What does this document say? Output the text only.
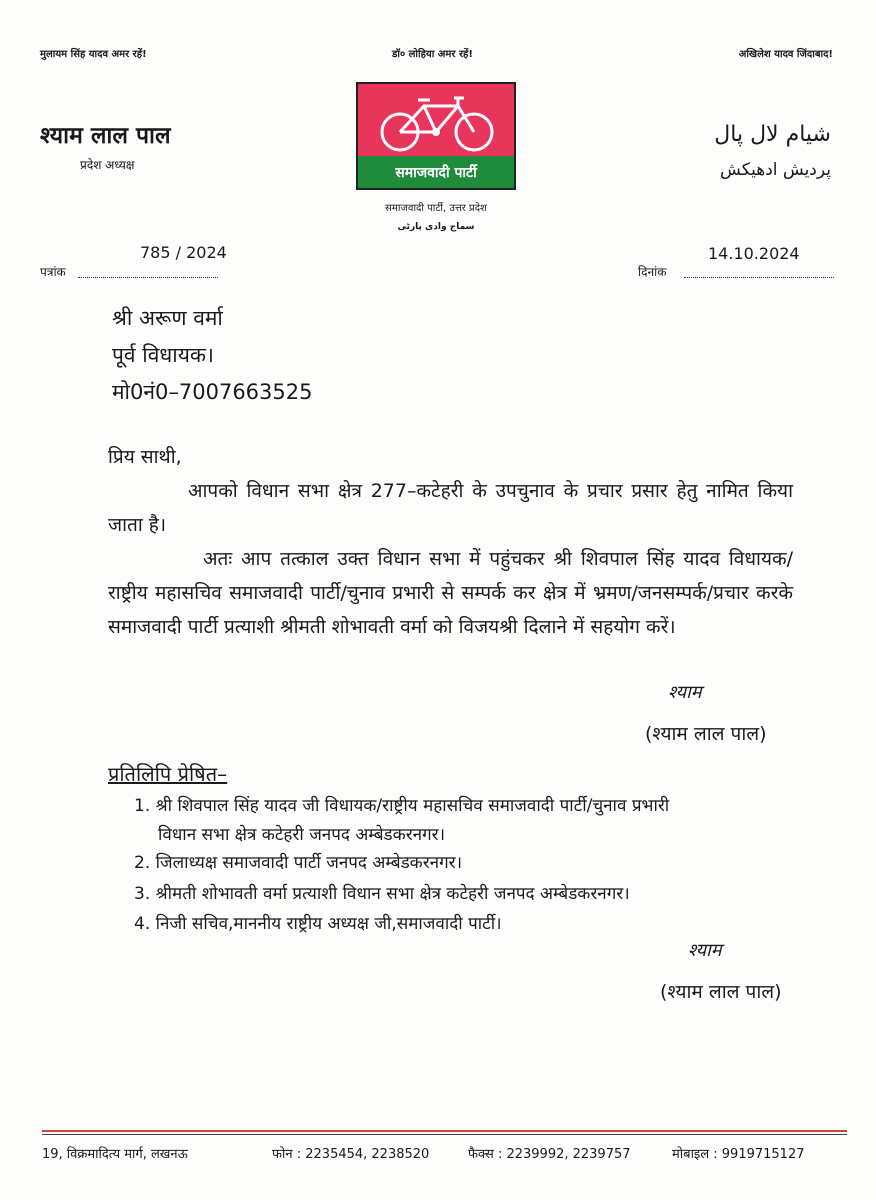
मुलायम सिंह यादव अमर रहें!	डॉ० लोहिया अमर रहें!	अखिलेश यादव जिंदाबाद!
श्याम लाल पाल
प्रदेश अध्यक्ष
شیام لال پال
پردیش ادھیکش
समाजवादी पार्टी
समाजवादी पार्टी, उत्तर प्रदेश
سماج وادی پارٹی
पत्रांक
785 / 2024
दिनांक
14.10.2024
श्री अरूण वर्मा
पूर्व विधायक।
मो0नं0–7007663525
प्रिय साथी,
आपको विधान सभा क्षेत्र 277–कटेहरी के उपचुनाव के प्रचार प्रसार हेतु नामित किया जाता है।
अतः आप तत्काल उक्त विधान सभा में पहुंचकर श्री शिवपाल सिंह यादव विधायक/राष्ट्रीय महासचिव समाजवादी पार्टी/चुनाव प्रभारी से सम्पर्क कर क्षेत्र में भ्रमण/जनसम्पर्क/प्रचार करके समाजवादी पार्टी प्रत्याशी श्रीमती शोभावती वर्मा को विजयश्री दिलाने में सहयोग करें।
श्याम
(श्याम लाल पाल)
प्रतिलिपि प्रेषित–
1. श्री शिवपाल सिंह यादव जी विधायक/राष्ट्रीय महासचिव समाजवादी पार्टी/चुनाव प्रभारी
विधान सभा क्षेत्र कटेहरी जनपद अम्बेडकरनगर।
2. जिलाध्यक्ष समाजवादी पार्टी जनपद अम्बेडकरनगर।
3. श्रीमती शोभावती वर्मा प्रत्याशी विधान सभा क्षेत्र कटेहरी जनपद अम्बेडकरनगर।
4. निजी सचिव,माननीय राष्ट्रीय अध्यक्ष जी,समाजवादी पार्टी।
श्याम
(श्याम लाल पाल)
19, विक्रमादित्य मार्ग, लखनऊ	फोन : 2235454, 2238520	फैक्स : 2239992, 2239757	मोबाइल : 9919715127
